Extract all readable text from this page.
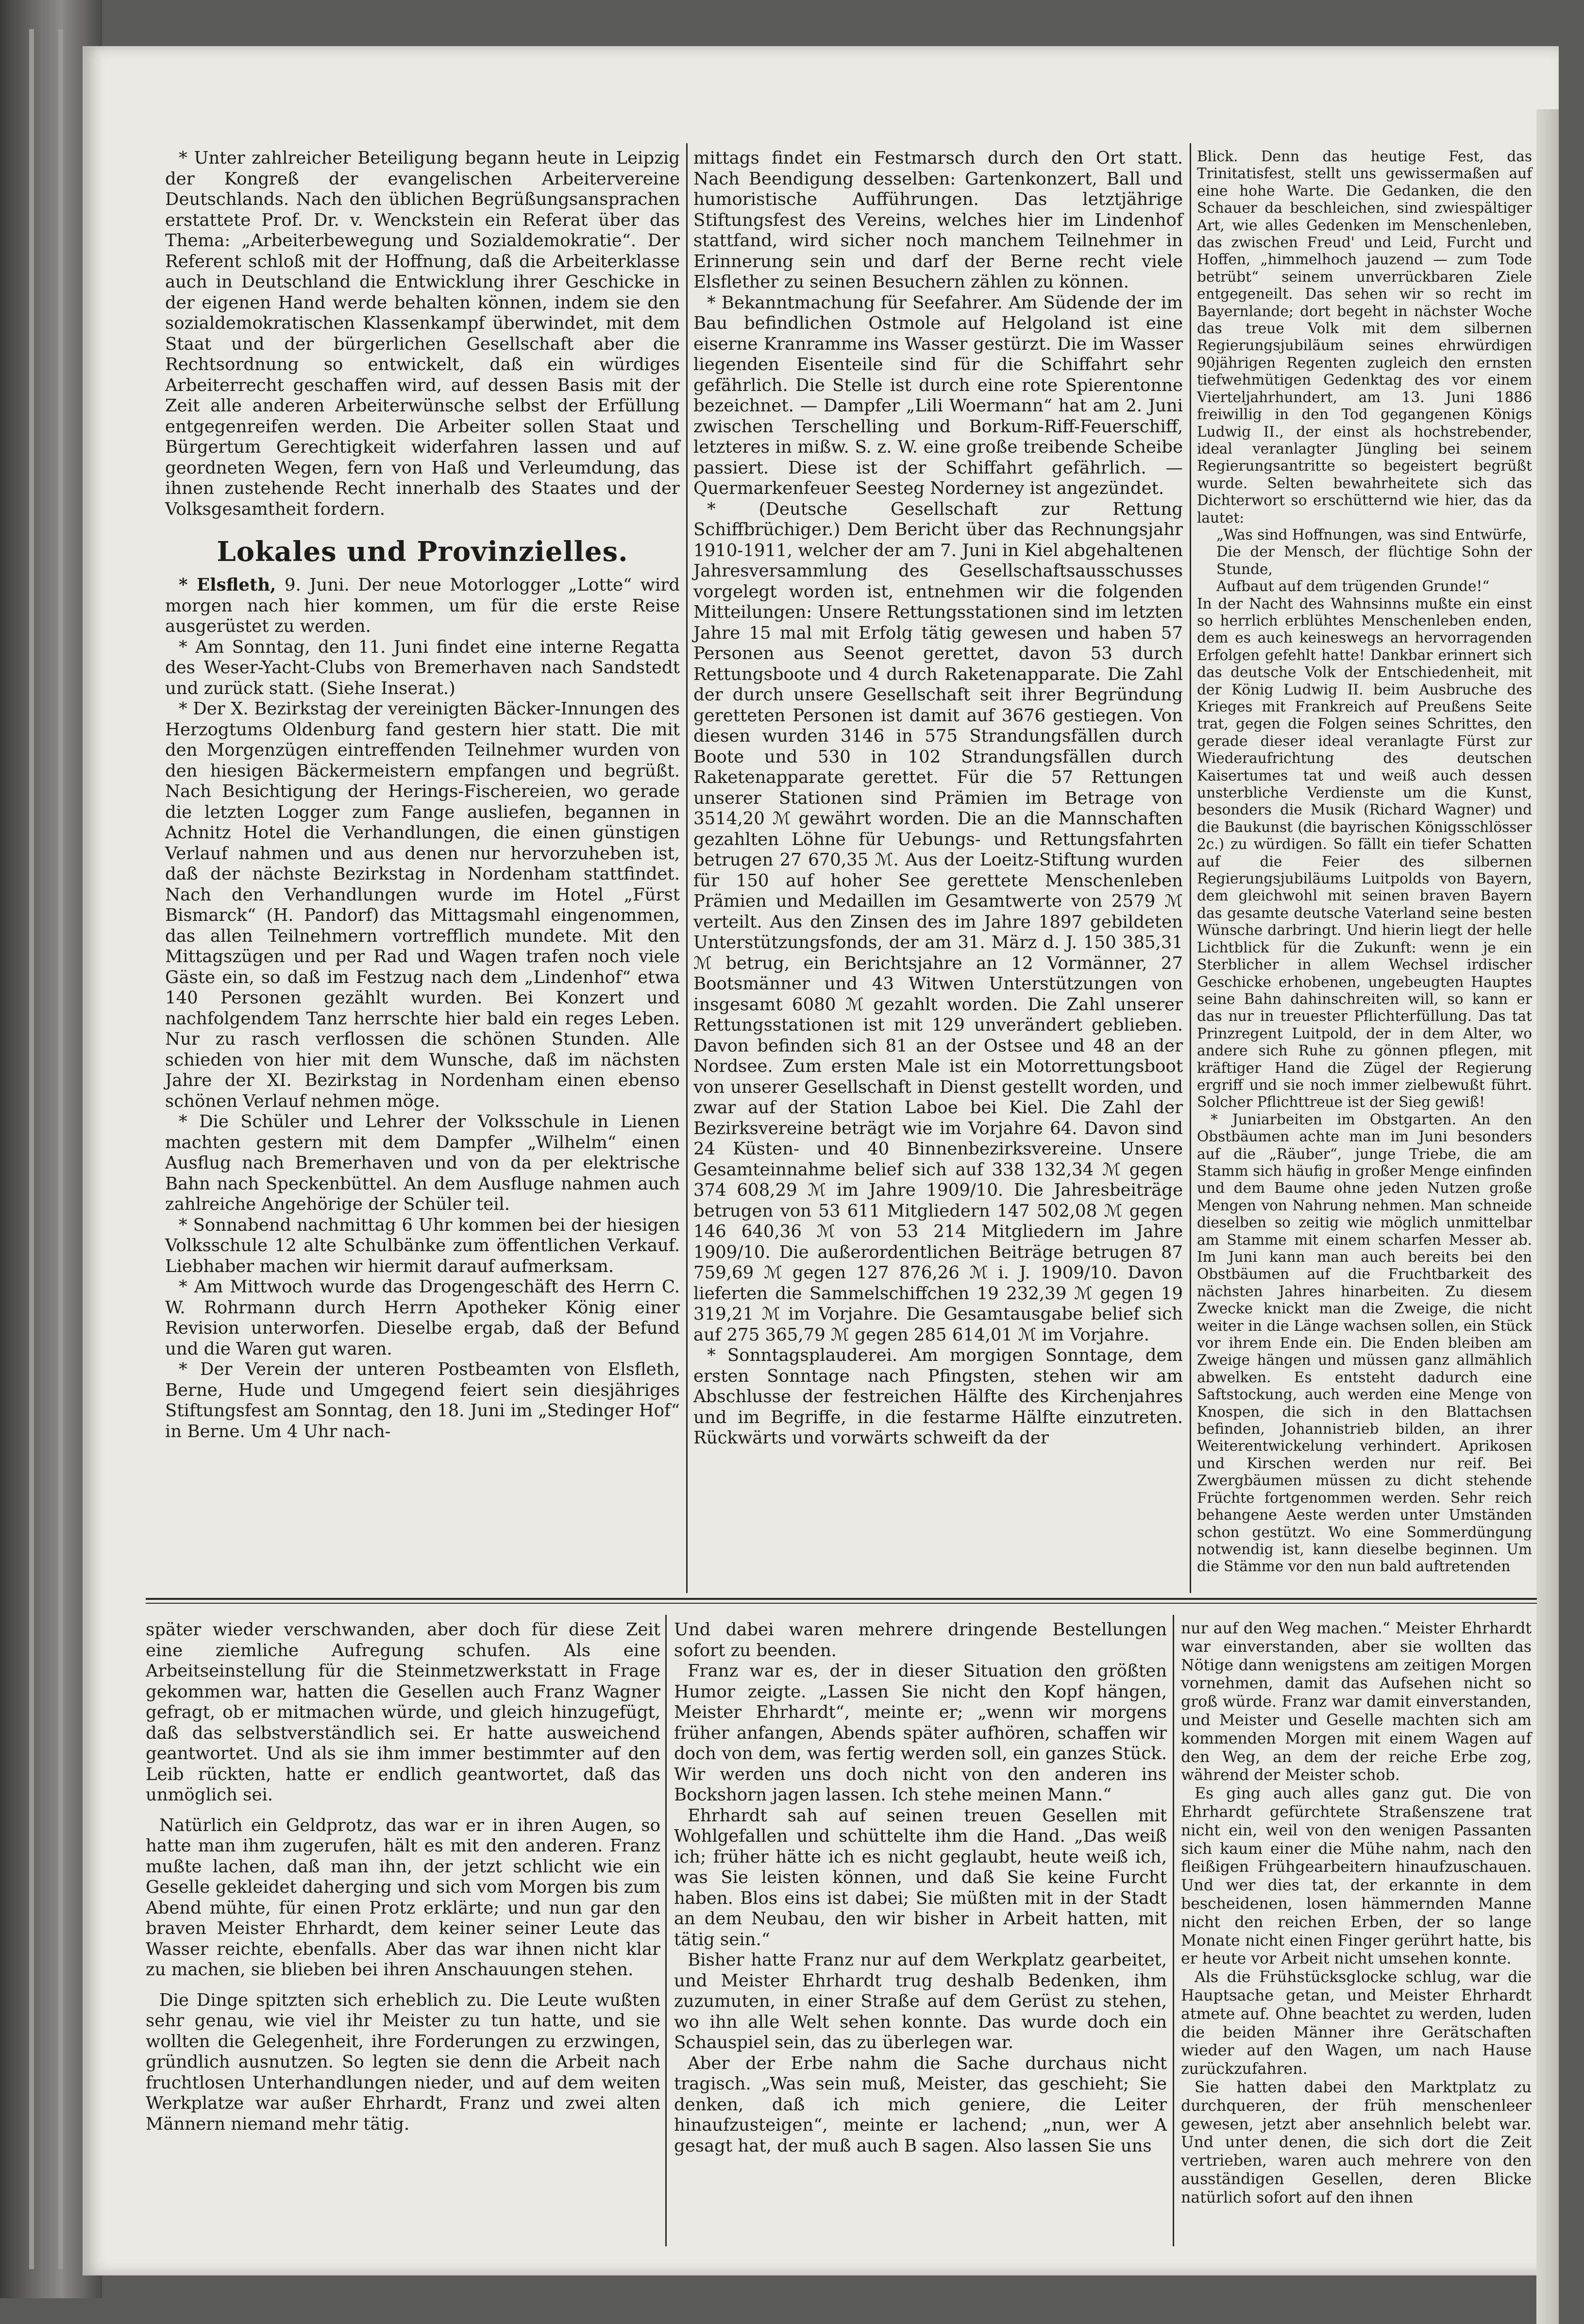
* Unter zahlreicher Beteiligung begann heute in Leipzig der Kongreß der evangelischen Arbeitervereine Deutschlands. Nach den üblichen Begrüßungsansprachen erstattete Prof. Dr. v. Wenckstein ein Referat über das Thema: „Arbeiterbewegung und Sozialdemokratie“. Der Referent schloß mit der Hoffnung, daß die Arbeiterklasse auch in Deutschland die Entwicklung ihrer Geschicke in der eigenen Hand werde behalten können, indem sie den sozialdemokratischen Klassenkampf überwindet, mit dem Staat und der bürgerlichen Gesellschaft aber die Rechtsordnung so entwickelt, daß ein würdiges Arbeiterrecht geschaffen wird, auf dessen Basis mit der Zeit alle anderen Arbeiterwünsche selbst der Erfüllung entgegenreifen werden. Die Arbeiter sollen Staat und Bürgertum Gerechtigkeit widerfahren lassen und auf geordneten Wegen, fern von Haß und Verleumdung, das ihnen zustehende Recht innerhalb des Staates und der Volksgesamtheit fordern.

Lokales und Provinzielles.

* Elsfleth, 9. Juni. Der neue Motorlogger „Lotte“ wird morgen nach hier kommen, um für die erste Reise ausgerüstet zu werden.

* Am Sonntag, den 11. Juni findet eine interne Regatta des Weser-Yacht-Clubs von Bremerhaven nach Sandstedt und zurück statt. (Siehe Inserat.)

* Der X. Bezirkstag der vereinigten Bäcker-Innungen des Herzogtums Oldenburg fand gestern hier statt. Die mit den Morgenzügen eintreffenden Teilnehmer wurden von den hiesigen Bäckermeistern empfangen und begrüßt. Nach Besichtigung der Herings-Fischereien, wo gerade die letzten Logger zum Fange ausliefen, begannen in Achnitz Hotel die Verhandlungen, die einen günstigen Verlauf nahmen und aus denen nur hervorzuheben ist, daß der nächste Bezirkstag in Nordenham stattfindet. Nach den Verhandlungen wurde im Hotel „Fürst Bismarck“ (H. Pandorf) das Mittagsmahl eingenommen, das allen Teilnehmern vortrefflich mundete. Mit den Mittagszügen und per Rad und Wagen trafen noch viele Gäste ein, so daß im Festzug nach dem „Lindenhof“ etwa 140 Personen gezählt wurden. Bei Konzert und nachfolgendem Tanz herrschte hier bald ein reges Leben. Nur zu rasch verflossen die schönen Stunden. Alle schieden von hier mit dem Wunsche, daß im nächsten Jahre der XI. Bezirkstag in Nordenham einen ebenso schönen Verlauf nehmen möge.

* Die Schüler und Lehrer der Volksschule in Lienen machten gestern mit dem Dampfer „Wilhelm“ einen Ausflug nach Bremerhaven und von da per elektrische Bahn nach Speckenbüttel. An dem Ausfluge nahmen auch zahlreiche Angehörige der Schüler teil.

* Sonnabend nachmittag 6 Uhr kommen bei der hiesigen Volksschule 12 alte Schulbänke zum öffentlichen Verkauf. Liebhaber machen wir hiermit darauf aufmerksam.

* Am Mittwoch wurde das Drogengeschäft des Herrn C. W. Rohrmann durch Herrn Apotheker König einer Revision unterworfen. Dieselbe ergab, daß der Befund und die Waren gut waren.

* Der Verein der unteren Postbeamten von Elsfleth, Berne, Hude und Umgegend feiert sein diesjähriges Stiftungsfest am Sonntag, den 18. Juni im „Stedinger Hof“ in Berne. Um 4 Uhr nach-

mittags findet ein Festmarsch durch den Ort statt. Nach Beendigung desselben: Gartenkonzert, Ball und humoristische Aufführungen. Das letztjährige Stiftungsfest des Vereins, welches hier im Lindenhof stattfand, wird sicher noch manchem Teilnehmer in Erinnerung sein und darf der Berne recht viele Elsflether zu seinen Besuchern zählen zu können.

* Bekanntmachung für Seefahrer. Am Südende der im Bau befindlichen Ostmole auf Helgoland ist eine eiserne Kranramme ins Wasser gestürzt. Die im Wasser liegenden Eisenteile sind für die Schiffahrt sehr gefährlich. Die Stelle ist durch eine rote Spierentonne bezeichnet. — Dampfer „Lili Woermann“ hat am 2. Juni zwischen Terschelling und Borkum-Riff-Feuerschiff, letzteres in mißw. S. z. W. eine große treibende Scheibe passiert. Diese ist der Schiffahrt gefährlich. — Quermarkenfeuer Seesteg Norderney ist angezündet.

* (Deutsche Gesellschaft zur Rettung Schiffbrüchiger.) Dem Bericht über das Rechnungsjahr 1910-1911, welcher der am 7. Juni in Kiel abgehaltenen Jahresversammlung des Gesellschaftsausschusses vorgelegt worden ist, entnehmen wir die folgenden Mitteilungen: Unsere Rettungsstationen sind im letzten Jahre 15 mal mit Erfolg tätig gewesen und haben 57 Personen aus Seenot gerettet, davon 53 durch Rettungsboote und 4 durch Raketenapparate. Die Zahl der durch unsere Gesellschaft seit ihrer Begründung geretteten Personen ist damit auf 3676 gestiegen. Von diesen wurden 3146 in 575 Strandungsfällen durch Boote und 530 in 102 Strandungsfällen durch Raketenapparate gerettet. Für die 57 Rettungen unserer Stationen sind Prämien im Betrage von 3514,20 ℳ gewährt worden. Die an die Mannschaften gezahlten Löhne für Uebungs- und Rettungsfahrten betrugen 27 670,35 ℳ. Aus der Loeitz-Stiftung wurden für 150 auf hoher See gerettete Menschenleben Prämien und Medaillen im Gesamtwerte von 2579 ℳ verteilt. Aus den Zinsen des im Jahre 1897 gebildeten Unterstützungsfonds, der am 31. März d. J. 150 385,31 ℳ betrug, ein Berichtsjahre an 12 Vormänner, 27 Bootsmänner und 43 Witwen Unterstützungen von insgesamt 6080 ℳ gezahlt worden. Die Zahl unserer Rettungsstationen ist mit 129 unverändert geblieben. Davon befinden sich 81 an der Ostsee und 48 an der Nordsee. Zum ersten Male ist ein Motorrettungsboot von unserer Gesellschaft in Dienst gestellt worden, und zwar auf der Station Laboe bei Kiel. Die Zahl der Bezirksvereine beträgt wie im Vorjahre 64. Davon sind 24 Küsten- und 40 Binnenbezirksvereine. Unsere Gesamteinnahme belief sich auf 338 132,34 ℳ gegen 374 608,29 ℳ im Jahre 1909/10. Die Jahresbeiträge betrugen von 53 611 Mitgliedern 147 502,08 ℳ gegen 146 640,36 ℳ von 53 214 Mitgliedern im Jahre 1909/10. Die außerordentlichen Beiträge betrugen 87 759,69 ℳ gegen 127 876,26 ℳ i. J. 1909/10. Davon lieferten die Sammelschiffchen 19 232,39 ℳ gegen 19 319,21 ℳ im Vorjahre. Die Gesamtausgabe belief sich auf 275 365,79 ℳ gegen 285 614,01 ℳ im Vorjahre.

* Sonntagsplauderei. Am morgigen Sonntage, dem ersten Sonntage nach Pfingsten, stehen wir am Abschlusse der festreichen Hälfte des Kirchenjahres und im Begriffe, in die festarme Hälfte einzutreten. Rückwärts und vorwärts schweift da der

Blick. Denn das heutige Fest, das Trinitatisfest, stellt uns gewissermaßen auf eine hohe Warte. Die Gedanken, die den Schauer da beschleichen, sind zwiespältiger Art, wie alles Gedenken im Menschenleben, das zwischen Freud' und Leid, Furcht und Hoffen, „himmelhoch jauzend — zum Tode betrübt“ seinem unverrückbaren Ziele entgegeneilt. Das sehen wir so recht im Bayernlande; dort begeht in nächster Woche das treue Volk mit dem silbernen Regierungsjubiläum seines ehrwürdigen 90jährigen Regenten zugleich den ernsten tiefwehmütigen Gedenktag des vor einem Vierteljahrhundert, am 13. Juni 1886 freiwillig in den Tod gegangenen Königs Ludwig II., der einst als hochstrebender, ideal veranlagter Jüngling bei seinem Regierungsantritte so begeistert begrüßt wurde. Selten bewahrheitete sich das Dichterwort so erschütternd wie hier, das da lautet:

„Was sind Hoffnungen, was sind Entwürfe,

Die der Mensch, der flüchtige Sohn der Stunde,

Aufbaut auf dem trügenden Grunde!“

In der Nacht des Wahnsinns mußte ein einst so herrlich erblühtes Menschenleben enden, dem es auch keineswegs an hervorragenden Erfolgen gefehlt hatte! Dankbar erinnert sich das deutsche Volk der Entschiedenheit, mit der König Ludwig II. beim Ausbruche des Krieges mit Frankreich auf Preußens Seite trat, gegen die Folgen seines Schrittes, den gerade dieser ideal veranlagte Fürst zur Wiederaufrichtung des deutschen Kaisertumes tat und weiß auch dessen unsterbliche Verdienste um die Kunst, besonders die Musik (Richard Wagner) und die Baukunst (die bayrischen Königsschlösser 2c.) zu würdigen. So fällt ein tiefer Schatten auf die Feier des silbernen Regierungsjubiläums Luitpolds von Bayern, dem gleichwohl mit seinen braven Bayern das gesamte deutsche Vaterland seine besten Wünsche darbringt. Und hierin liegt der helle Lichtblick für die Zukunft: wenn je ein Sterblicher in allem Wechsel irdischer Geschicke erhobenen, ungebeugten Hauptes seine Bahn dahinschreiten will, so kann er das nur in treuester Pflichterfüllung. Das tat Prinzregent Luitpold, der in dem Alter, wo andere sich Ruhe zu gönnen pflegen, mit kräftiger Hand die Zügel der Regierung ergriff und sie noch immer zielbewußt führt. Solcher Pflichttreue ist der Sieg gewiß!

* Juniarbeiten im Obstgarten. An den Obstbäumen achte man im Juni besonders auf die „Räuber“, junge Triebe, die am Stamm sich häufig in großer Menge einfinden und dem Baume ohne jeden Nutzen große Mengen von Nahrung nehmen. Man schneide dieselben so zeitig wie möglich unmittelbar am Stamme mit einem scharfen Messer ab. Im Juni kann man auch bereits bei den Obstbäumen auf die Fruchtbarkeit des nächsten Jahres hinarbeiten. Zu diesem Zwecke knickt man die Zweige, die nicht weiter in die Länge wachsen sollen, ein Stück vor ihrem Ende ein. Die Enden bleiben am Zweige hängen und müssen ganz allmählich abwelken. Es entsteht dadurch eine Saftstockung, auch werden eine Menge von Knospen, die sich in den Blattachsen befinden, Johannistrieb bilden, an ihrer Weiterentwickelung verhindert. Aprikosen und Kirschen werden nur reif. Bei Zwergbäumen müssen zu dicht stehende Früchte fortgenommen werden. Sehr reich behangene Aeste werden unter Umständen schon gestützt. Wo eine Sommerdüngung notwendig ist, kann dieselbe beginnen. Um die Stämme vor den nun bald auftretenden

später wieder verschwanden, aber doch für diese Zeit eine ziemliche Aufregung schufen. Als eine Arbeitseinstellung für die Steinmetzwerkstatt in Frage gekommen war, hatten die Gesellen auch Franz Wagner gefragt, ob er mitmachen würde, und gleich hinzugefügt, daß das selbstverständlich sei. Er hatte ausweichend geantwortet. Und als sie ihm immer bestimmter auf den Leib rückten, hatte er endlich geantwortet, daß das unmöglich sei.

Natürlich ein Geldprotz, das war er in ihren Augen, so hatte man ihm zugerufen, hält es mit den anderen. Franz mußte lachen, daß man ihn, der jetzt schlicht wie ein Geselle gekleidet daherging und sich vom Morgen bis zum Abend mühte, für einen Protz erklärte; und nun gar den braven Meister Ehrhardt, dem keiner seiner Leute das Wasser reichte, ebenfalls. Aber das war ihnen nicht klar zu machen, sie blieben bei ihren Anschauungen stehen.

Die Dinge spitzten sich erheblich zu. Die Leute wußten sehr genau, wie viel ihr Meister zu tun hatte, und sie wollten die Gelegenheit, ihre Forderungen zu erzwingen, gründlich ausnutzen. So legten sie denn die Arbeit nach fruchtlosen Unterhandlungen nieder, und auf dem weiten Werkplatze war außer Ehrhardt, Franz und zwei alten Männern niemand mehr tätig.

Und dabei waren mehrere dringende Bestellungen sofort zu beenden.

Franz war es, der in dieser Situation den größten Humor zeigte. „Lassen Sie nicht den Kopf hängen, Meister Ehrhardt“, meinte er; „wenn wir morgens früher anfangen, Abends später aufhören, schaffen wir doch von dem, was fertig werden soll, ein ganzes Stück. Wir werden uns doch nicht von den anderen ins Bockshorn jagen lassen. Ich stehe meinen Mann.“

Ehrhardt sah auf seinen treuen Gesellen mit Wohlgefallen und schüttelte ihm die Hand. „Das weiß ich; früher hätte ich es nicht geglaubt, heute weiß ich, was Sie leisten können, und daß Sie keine Furcht haben. Blos eins ist dabei; Sie müßten mit in der Stadt an dem Neubau, den wir bisher in Arbeit hatten, mit tätig sein.“

Bisher hatte Franz nur auf dem Werkplatz gearbeitet, und Meister Ehrhardt trug deshalb Bedenken, ihm zuzumuten, in einer Straße auf dem Gerüst zu stehen, wo ihn alle Welt sehen konnte. Das wurde doch ein Schauspiel sein, das zu überlegen war.

Aber der Erbe nahm die Sache durchaus nicht tragisch. „Was sein muß, Meister, das geschieht; Sie denken, daß ich mich geniere, die Leiter hinaufzusteigen“, meinte er lachend; „nun, wer A gesagt hat, der muß auch B sagen. Also lassen Sie uns

nur auf den Weg machen.“ Meister Ehrhardt war einverstanden, aber sie wollten das Nötige dann wenigstens am zeitigen Morgen vornehmen, damit das Aufsehen nicht so groß würde. Franz war damit einverstanden, und Meister und Geselle machten sich am kommenden Morgen mit einem Wagen auf den Weg, an dem der reiche Erbe zog, während der Meister schob.

Es ging auch alles ganz gut. Die von Ehrhardt gefürchtete Straßenszene trat nicht ein, weil von den wenigen Passanten sich kaum einer die Mühe nahm, nach den fleißigen Frühgearbeitern hinaufzuschauen. Und wer dies tat, der erkannte in dem bescheidenen, losen hämmernden Manne nicht den reichen Erben, der so lange Monate nicht einen Finger gerührt hatte, bis er heute vor Arbeit nicht umsehen konnte.

Als die Frühstücksglocke schlug, war die Hauptsache getan, und Meister Ehrhardt atmete auf. Ohne beachtet zu werden, luden die beiden Männer ihre Gerätschaften wieder auf den Wagen, um nach Hause zurückzufahren.

Sie hatten dabei den Marktplatz zu durchqueren, der früh menschenleer gewesen, jetzt aber ansehnlich belebt war. Und unter denen, die sich dort die Zeit vertrieben, waren auch mehrere von den ausständigen Gesellen, deren Blicke natürlich sofort auf den ihnen
